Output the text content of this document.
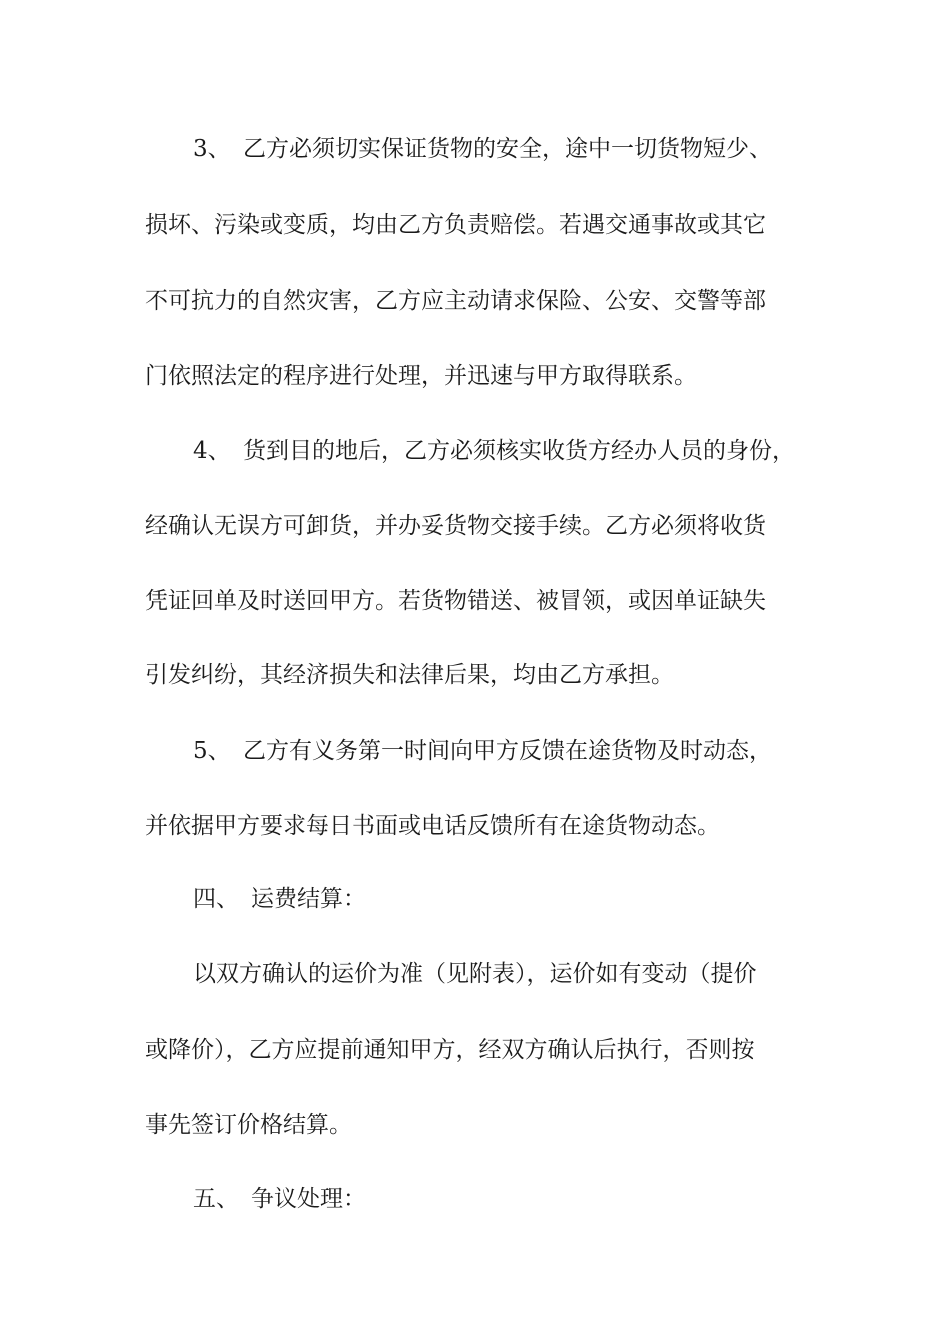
3、 乙方必须切实保证货物的安全，途中一切货物短少、
损坏、污染或变质，均由乙方负责赔偿。若遇交通事故或其它
不可抗力的自然灾害，乙方应主动请求保险、公安、交警等部
门依照法定的程序进行处理，并迅速与甲方取得联系。
4、 货到目的地后，乙方必须核实收货方经办人员的身份，
经确认无误方可卸货，并办妥货物交接手续。乙方必须将收货
凭证回单及时送回甲方。若货物错送、被冒领，或因单证缺失
引发纠纷，其经济损失和法律后果，均由乙方承担。
5、 乙方有义务第一时间向甲方反馈在途货物及时动态，
并依据甲方要求每日书面或电话反馈所有在途货物动态。
四、 运费结算：
以双方确认的运价为准（见附表），运价如有变动（提价
或降价），乙方应提前通知甲方，经双方确认后执行，否则按
事先签订价格结算。
五、 争议处理：
